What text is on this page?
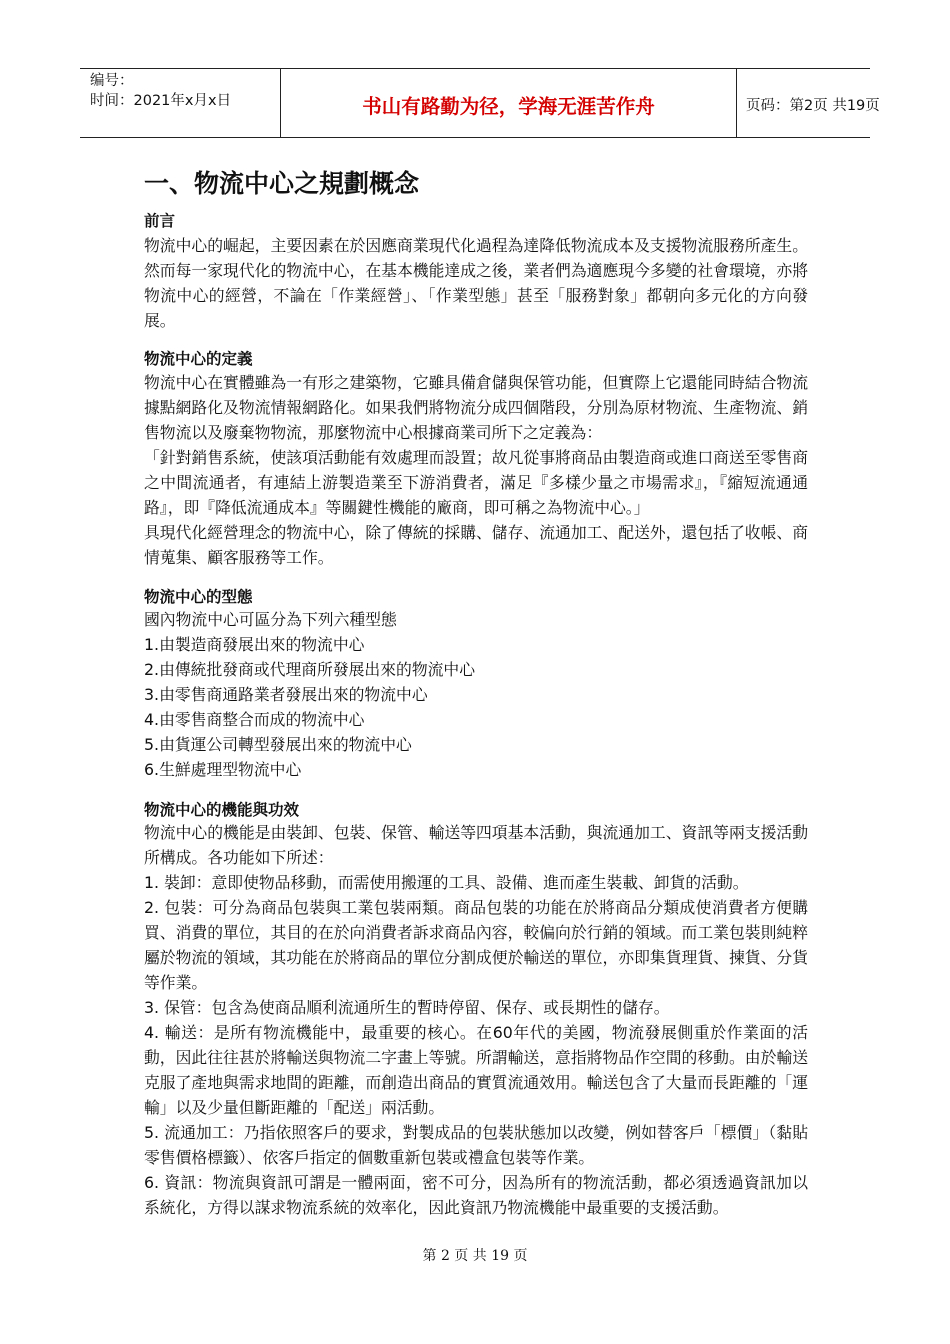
编号：
时间：2021年x月x日	书山有路勤为径，学海无涯苦作舟	页码：第2页 共19页
一、物流中心之規劃概念
前言

物流中心的崛起，主要因素在於因應商業現代化過程為達降低物流成本及支援物流服務所產生。然而每一家現代化的物流中心，在基本機能達成之後，業者們為適應現今多變的社會環境，亦將物流中心的經營，不論在「作業經營」、「作業型態」甚至「服務對象」都朝向多元化的方向發展。

物流中心的定義

物流中心在實體雖為一有形之建築物，它雖具備倉儲與保管功能，但實際上它還能同時結合物流據點網路化及物流情報網路化。如果我們將物流分成四個階段，分別為原材物流、生產物流、銷售物流以及廢棄物物流，那麼物流中心根據商業司所下之定義為：

「針對銷售系統，使該項活動能有效處理而設置；故凡從事將商品由製造商或進口商送至零售商之中間流通者，有連結上游製造業至下游消費者，滿足『多樣少量之市場需求』，『縮短流通通路』，即『降低流通成本』等關鍵性機能的廠商，即可稱之為物流中心。」

具現代化經營理念的物流中心，除了傳統的採購、儲存、流通加工、配送外，還包括了收帳、商情蒐集、顧客服務等工作。

物流中心的型態

國內物流中心可區分為下列六種型態

1.由製造商發展出來的物流中心

2.由傳統批發商或代理商所發展出來的物流中心

3.由零售商通路業者發展出來的物流中心

4.由零售商整合而成的物流中心

5.由貨運公司轉型發展出來的物流中心

6.生鮮處理型物流中心

物流中心的機能與功效

物流中心的機能是由裝卸、包裝、保管、輸送等四項基本活動，與流通加工、資訊等兩支援活動所構成。各功能如下所述：

1. 裝卸：意即使物品移動，而需使用搬運的工具、設備、進而產生裝載、卸貨的活動。

2. 包裝：可分為商品包裝與工業包裝兩類。商品包裝的功能在於將商品分類成使消費者方便購買、消費的單位，其目的在於向消費者訴求商品內容，較偏向於行銷的領域。而工業包裝則純粹屬於物流的領域，其功能在於將商品的單位分割成便於輸送的單位，亦即集貨理貨、揀貨、分貨等作業。

3. 保管：包含為使商品順利流通所生的暫時停留、保存、或長期性的儲存。

4. 輸送：是所有物流機能中，最重要的核心。在60年代的美國，物流發展側重於作業面的活動，因此往往甚於將輸送與物流二字畫上等號。所謂輸送，意指將物品作空間的移動。由於輸送克服了產地與需求地間的距離，而創造出商品的實質流通效用。輸送包含了大量而長距離的「運輸」以及少量但斷距離的「配送」兩活動。

5. 流通加工：乃指依照客戶的要求，對製成品的包裝狀態加以改變，例如替客戶「標價」（黏貼零售價格標籤）、依客戶指定的個數重新包裝或禮盒包裝等作業。

6. 資訊：物流與資訊可謂是一體兩面，密不可分，因為所有的物流活動，都必須透過資訊加以系統化，方得以謀求物流系統的效率化，因此資訊乃物流機能中最重要的支援活動。

第 2 页 共 19 页
